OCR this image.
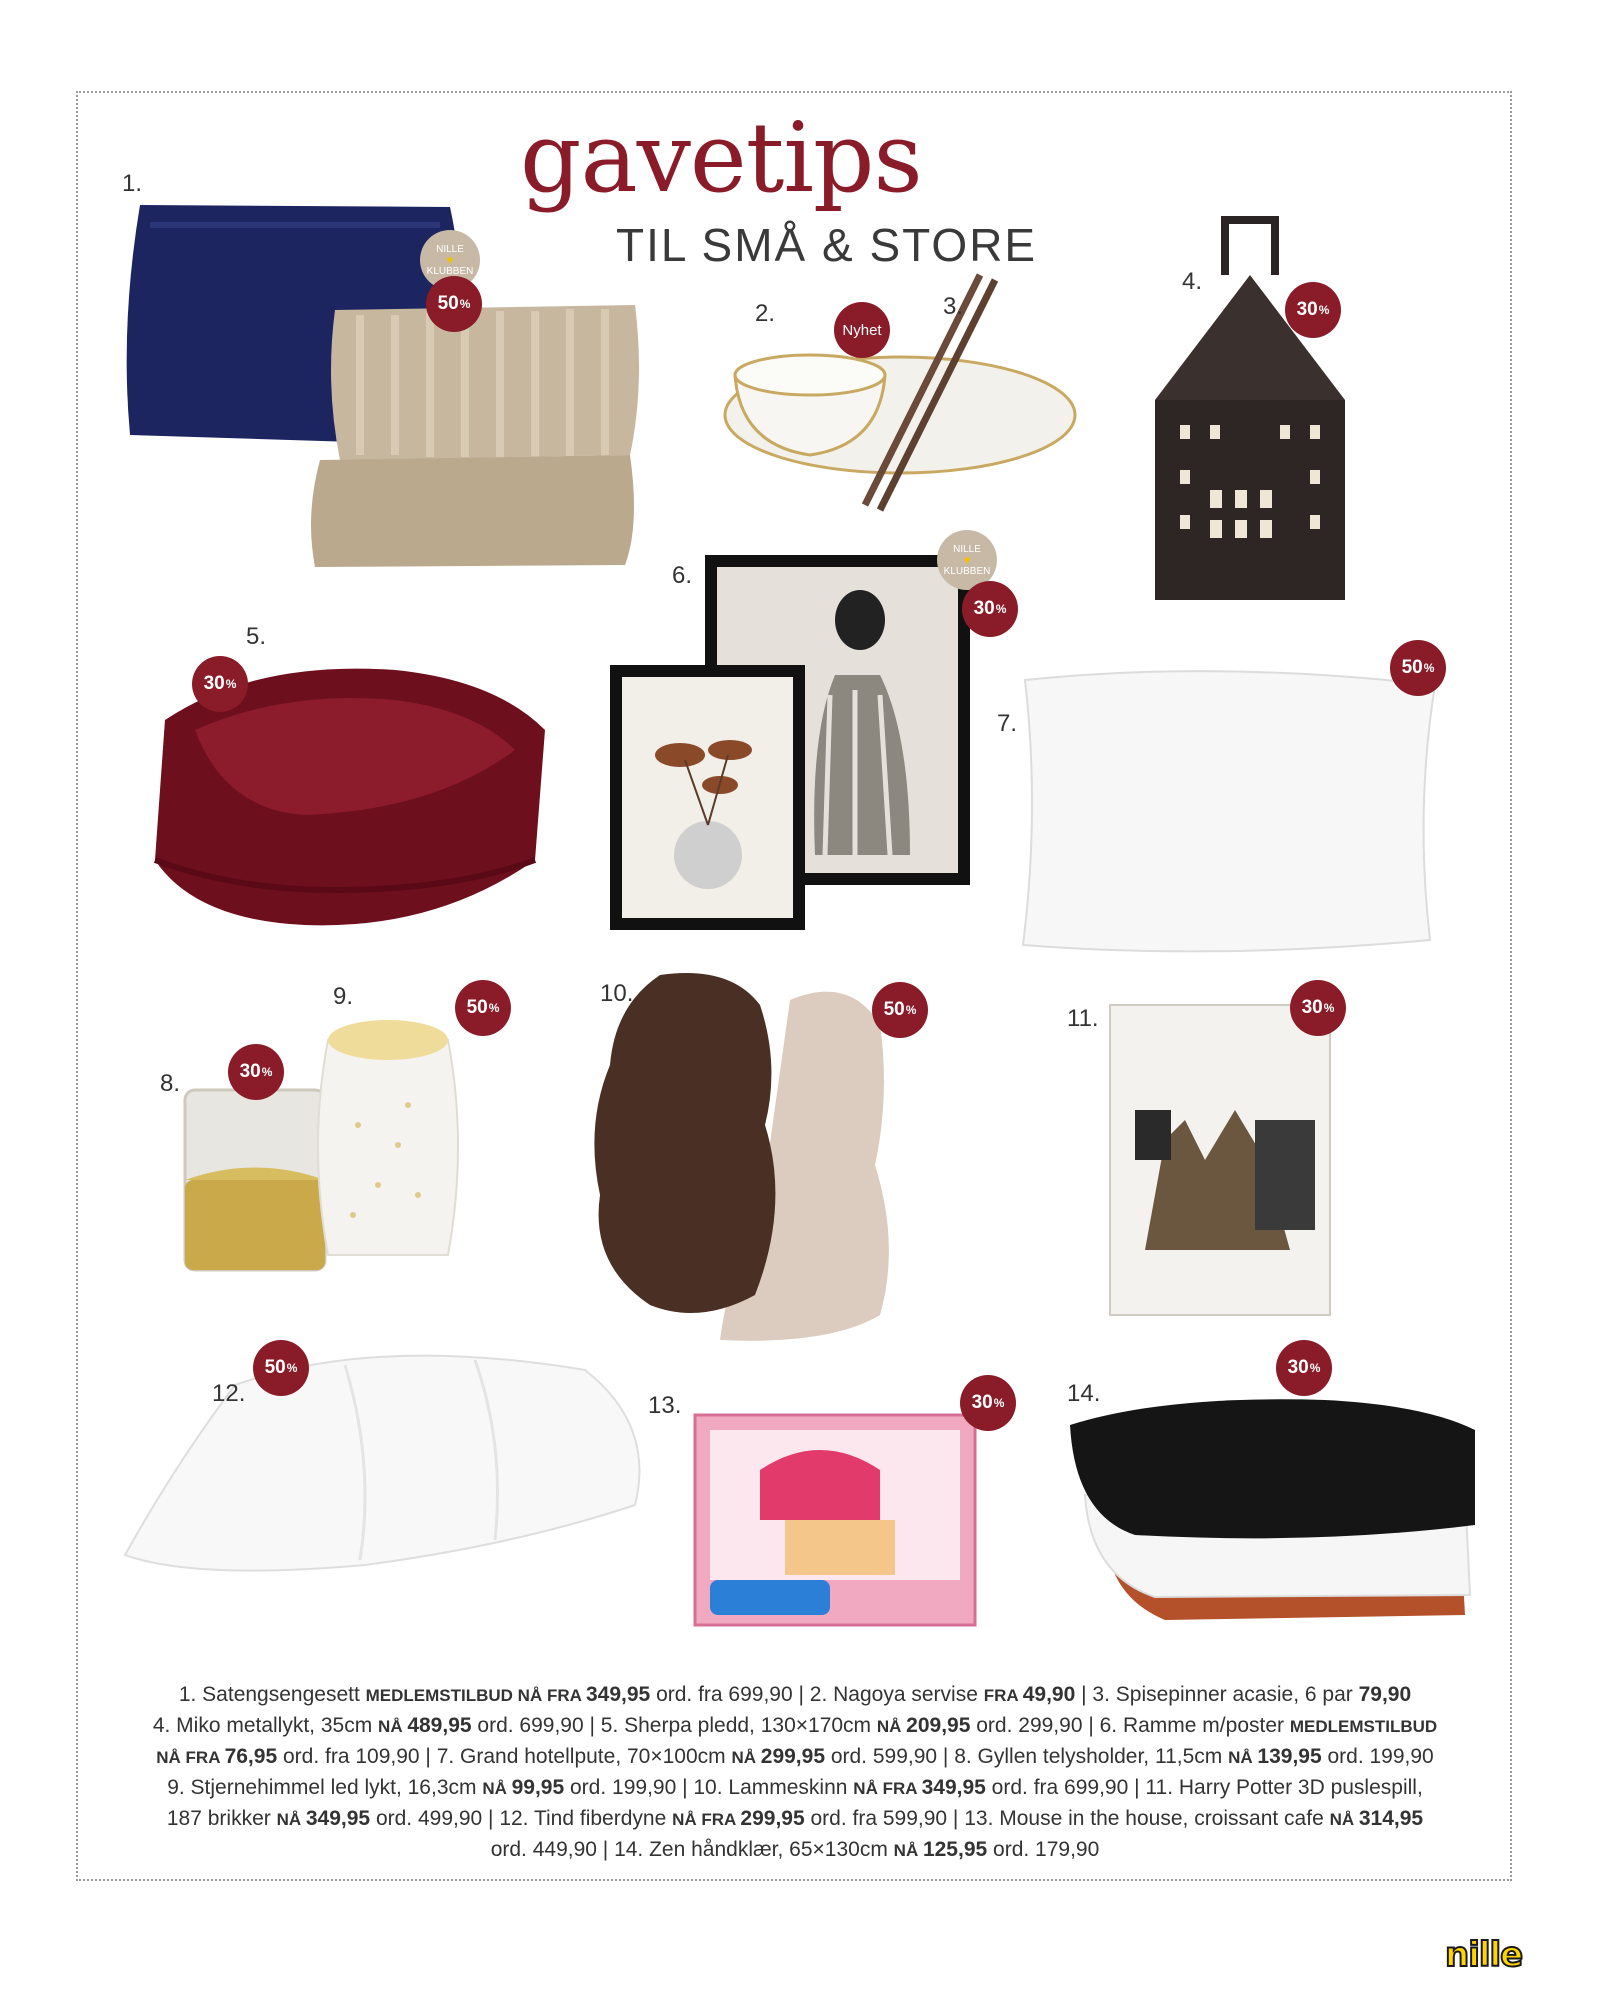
gavetips
TIL SMÅ & STORE
1.
NILLE
♥
KLUBBEN
50 %	2.	3.
Nyhet
4.
30 %
5.
30 %
6.
NILLE
♥
KLUBBEN
30 %
7.
50 %
8.	30 %
9.	50 %
10.
50 %	11.	30 %
12.
50 %
13.	30 %	14.
30 %
1. Satengsengesett MEDLEMSTILBUD NÅ FRA 349,95 ord. fra 699,90 | 2. Nagoya servise FRA 49,90 | 3. Spisepinner acasie, 6 par 79,90
4. Miko metallykt, 35cm NÅ 489,95 ord. 699,90 | 5. Sherpa pledd, 130×170cm NÅ 209,95 ord. 299,90 | 6. Ramme m/poster MEDLEMSTILBUD
NÅ FRA 76,95 ord. fra 109,90 | 7. Grand hotellpute, 70×100cm NÅ 299,95 ord. 599,90 | 8. Gyllen telysholder, 11,5cm NÅ 139,95 ord. 199,90
9. Stjernehimmel led lykt, 16,3cm NÅ 99,95 ord. 199,90 | 10. Lammeskinn NÅ FRA 349,95 ord. fra 699,90 | 11. Harry Potter 3D puslespill,
187 brikker NÅ 349,95 ord. 499,90 | 12. Tind fiberdyne NÅ FRA 299,95 ord. fra 599,90 | 13. Mouse in the house, croissant cafe NÅ 314,95
ord. 449,90 | 14. Zen håndklær, 65×130cm NÅ 125,95 ord. 179,90
nille
